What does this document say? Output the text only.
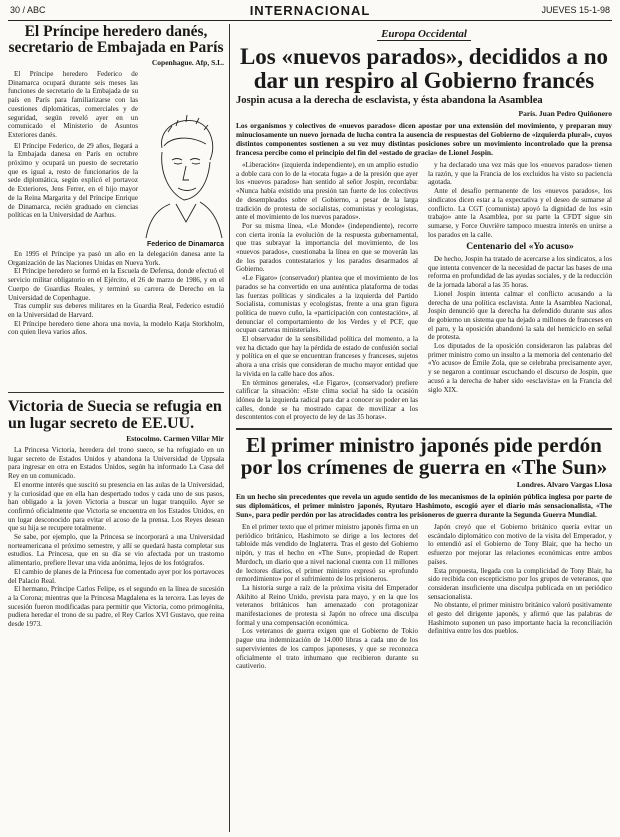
30 / ABC	INTERNACIONAL	JUEVES 15-1-98
El Príncipe heredero danés, secretario de Embajada en París
Copenhague. Afp, S.L.

El Príncipe heredero Federico de Dinamarca ocupará durante seis meses las funciones de secretario de la Embajada de su país en París para familiarizarse con las cuestiones diplomáticas, comerciales y de seguridad, según reveló ayer en un comunicado el Ministerio de Asuntos Exteriores danés.

El Príncipe Federico, de 29 años, llegará a la Embajada danesa en París en octubre próximo y ocupará un puesto de secretario que es igual a, resto de funcionarios de la sede diplomática, según explicó el portavoz de Exteriores, Jens Ferrer, en el hijo mayor de la Reina Margarita y del Príncipe Enrique de Dinamarca, recién graduado en ciencias políticas en la Universidad de Aarhus.

Federico de Dinamarca

En 1995 el Príncipe ya pasó un año en la delegación danesa ante la Organización de las Naciones Unidas en Nueva York.

El Príncipe heredero se formó en la Escuela de Defensa, donde efectuó el servicio militar obligatorio en el Ejército, el 26 de marzo de 1986, y en el Cuerpo de Guardias Reales, y terminó su carrera de Derecho en la Universidad de Copenhague.

Tras cumplir sus deberes militares en la Guardia Real, Federico estudió en la Universidad de Harvard.

El Príncipe heredero tiene ahora una novia, la modelo Katja Storkholm, con quien lleva varios años.

Victoria de Suecia se refugia en un lugar secreto de EE.UU.
Estocolmo. Carmen Villar Mir

La Princesa Victoria, heredera del trono sueco, se ha refugiado en un lugar secreto de Estados Unidos y abandona la Universidad de Uppsala para ingresar en otra en Estados Unidos, según ha informado La Casa del Rey en un comunicado.

El enorme interés que suscitó su presencia en las aulas de la Universidad, y la curiosidad que en ella han despertado todos y cada uno de sus pasos, han obligado a la joven Victoria a buscar un lugar tranquilo. Ayer se confirmó oficialmente que Victoria se encuentra en los Estados Unidos, en un lugar desconocido para evitar el acoso de la prensa. Los Reyes desean que su hija se recupere totalmente.

Se sabe, por ejemplo, que la Princesa se incorporará a una Universidad norteamericana el próximo semestre, y allí se quedará hasta completar sus estudios. La Princesa, que en su día se vio afectada por un trastorno alimentario, prefiere llevar una vida anónima, lejos de los fotógrafos.

El cambio de planes de la Princesa fue comentado ayer por los portavoces del Palacio Real.

El hermano, Príncipe Carlos Felipe, es el segundo en la línea de sucesión a la Corona; mientras que la Princesa Magdalena es la tercera. Las leyes de sucesión fueron modificadas para permitir que Victoria, como primogénita, pudiera heredar el trono de su padre, el Rey Carlos XVI Gustavo, que reina desde 1973.

Europa Occidental
Los «nuevos parados», decididos a no dar un respiro al Gobierno francés
Jospin acusa a la derecha de esclavista, y ésta abandona la Asamblea
París. Juan Pedro Quiñonero

Los organismos y colectivos de «nuevos parados» dicen apostar por una extensión del movimiento, y preparan muy minuciosamente un nuevo jornada de lucha contra la ausencia de respuestas del Gobierno de «izquierda plural», cuyos distintos componentes sostienen a su vez muy distintas posiciones sobre un movimiento incontrolado que la prensa francesa percibe como el principio del fin del «estado de gracia» de Lionel Jospin.

«Liberación» (izquierda independiente), en un amplio estudio a doble cara con lo de la «tocata fuga» a de la presión que ayer los «nuevos parados» han sentido al señor Jospin, recordaba: «Nunca había existido una presión tan fuerte de los colectivos de desempleados sobre el Gobierno, a pesar de la larga tradición de protesta de socialistas, comunistas y ecologistas, ante el movimiento de los nuevos parados».

Por su misma línea, «Le Monde» (independiente), recorre con cierta ironía la evolución de la respuesta gubernamental, que tras subrayar la importancia del movimiento, de los «nuevos parados», cuestionaba la línea en que se moverán las de los parados contestatarios y los parados desarmados al Gobierno.

«Le Figaro» (conservador) plantea que el movimiento de los parados se ha convertido en una auténtica plataforma de todas las fuerzas políticas y sindicales a la izquierda del Partido Socialista, comunistas y ecologistas, frente a una gran figura política de nuevo cuño, la «participación con contestación», al denunciar el comportamiento de los Verdes y el PCF, que ocupan carteras ministeriales.

El observador de la sensibilidad política del momento, a la vez ha dictado que hay la pérdida de estado de confusión social y política en el que se encuentran franceses y franceses, sujetos ahora a una crisis que consideran de mucho mayor entidad que la vivida en la calle hace dos años.

En términos generales, «Le Figaro», (conservador) prefiere calificar la situación: «Este clima social ha sido la ocasión idónea de la izquierda radical para dar a conocer su poder en las calles, donde se ha mostrado capaz de movilizar a los descontentos con el proyecto de ley de las 35 horas».

y ha declarado una vez más que los «nuevos parados» tienen la razón, y que la Francia de los excluidos ha visto su paciencia agotada.

Ante el desafío permanente de los «nuevos parados», los sindicatos dicen estar a la expectativa y el deseo de sumarse al conflicto. La CGT (comunista) apoyó la dignidad de los «sin trabajo» ante la Asamblea, por su parte la CFDT sigue sin sumarse, y Force Ouvrière tampoco muestra interés en unirse a los parados en la calle.

Centenario del «Yo acuso»

De hecho, Jospin ha tratado de acercarse a los sindicatos, a los que intenta convencer de la necesidad de pactar las bases de una reforma en profundidad de las ayudas sociales, y de la reducción de la jornada laboral a las 35 horas.

Lionel Jospin intenta calmar el conflicto acusando a la derecha de una política esclavista. Ante la Asamblea Nacional, Jospin denunció que la derecha ha defendido durante sus años de gobierno un sistema que ha dejado a millones de franceses en el paro, y la oposición abandonó la sala del hemiciclo en señal de protesta.

Los diputados de la oposición consideraron las palabras del primer ministro como un insulto a la memoria del centenario del «Yo acuso» de Émile Zola, que se celebraba precisamente ayer, y se negaron a continuar escuchando el discurso de Jospin, que acusó a la derecha de haber sido «esclavista» en la Francia del siglo XIX.

El primer ministro japonés pide perdón por los crímenes de guerra en «The Sun»
Londres. Alvaro Vargas Llosa

En un hecho sin precedentes que revela un agudo sentido de los mecanismos de la opinión pública inglesa por parte de sus diplomáticos, el primer ministro japonés, Ryutaro Hashimoto, escogió ayer el diario más sensacionalista, «The Sun», para pedir perdón por las atrocidades contra los prisioneros de guerra durante la Segunda Guerra Mundial.

En el primer texto que el primer ministro japonés firma en un periódico británico, Hashimoto se dirige a los lectores del tabloide más vendido de Inglaterra. Tras el gesto del Gobierno nipón, y tras el hecho en «The Sun», propiedad de Rupert Murdoch, un diario que a nivel nacional cuenta con 11 millones de lectores diarios, el primer ministro expresó su «profundo remordimiento» por el sufrimiento de los prisioneros.

La historia surge a raíz de la próxima visita del Emperador Akihito al Reino Unido, prevista para mayo, y en la que los veteranos británicos han amenazado con protagonizar manifestaciones de protesta si Japón no ofrece una disculpa formal y una compensación económica.

Los veteranos de guerra exigen que el Gobierno de Tokio pague una indemnización de 14.000 libras a cada uno de los supervivientes de los campos japoneses, y que se reconozca oficialmente el trato inhumano que recibieron durante su cautiverio.

Japón creyó que el Gobierno británico quería evitar un escándalo diplomático con motivo de la visita del Emperador, y lo entendió así el Gobierno de Tony Blair, que ha hecho un esfuerzo por mejorar las relaciones económicas entre ambos países.

Esta propuesta, llegada con la complicidad de Tony Blair, ha sido recibida con escepticismo por los grupos de veteranos, que consideran insuficiente una disculpa publicada en un periódico sensacionalista.

No obstante, el primer ministro británico valoró positivamente el gesto del dirigente japonés, y afirmó que las palabras de Hashimoto suponen un paso importante hacia la reconciliación definitiva entre los dos pueblos.
